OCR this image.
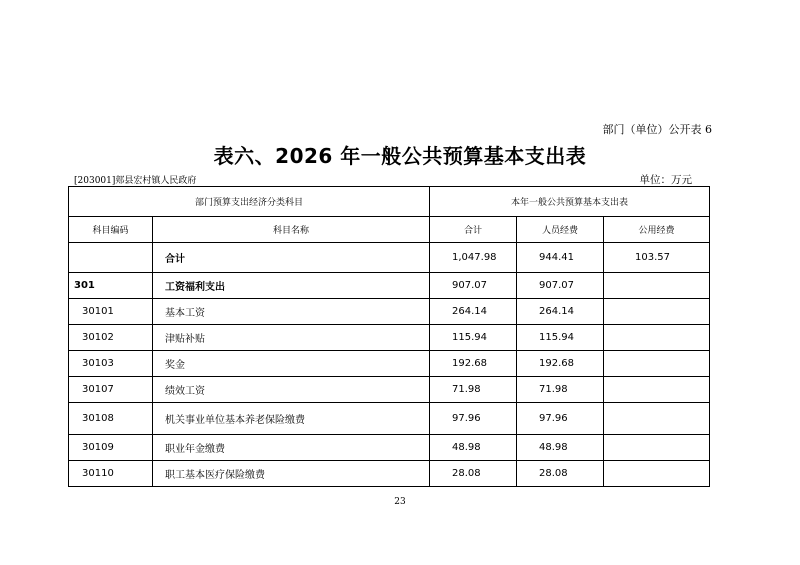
部门（单位）公开表 6
表六、2026 年一般公共预算基本支出表
[203001]郏县宏村镇人民政府	单位：万元
部门预算支出经济分类科目		本年一般公共预算基本支出表		
科目编码	科目名称	合计	人员经费	公用经费
	合计	1,047.98	944.41	103.57
301	工资福利支出	907.07	907.07	
30101	基本工资	264.14	264.14	
30102	津贴补贴	115.94	115.94	
30103	奖金	192.68	192.68	
30107	绩效工资	71.98	71.98	
30108	机关事业单位基本养老保险缴费	97.96	97.96	
30109	职业年金缴费	48.98	48.98	
30110	职工基本医疗保险缴费	28.08	28.08	
23
